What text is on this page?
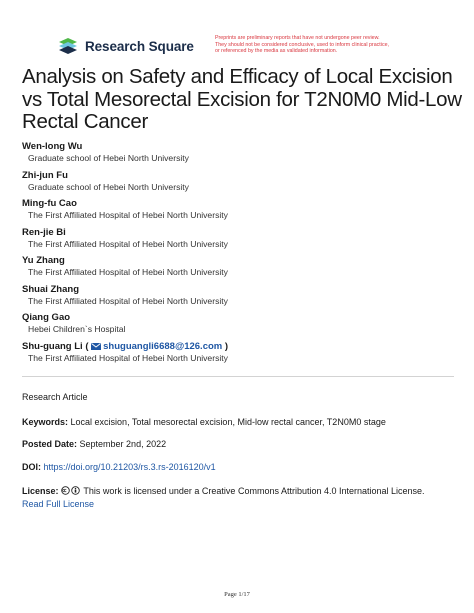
Research Square
Preprints are preliminary reports that have not undergone peer review.
They should not be considered conclusive, used to inform clinical practice,
or referenced by the media as validated information.
Analysis on Safety and Efficacy of Local Excision vs Total Mesorectal Excision for T2N0M0 Mid-Low Rectal Cancer
Wen-long Wu
Graduate school of Hebei North University
Zhi-jun Fu
Graduate school of Hebei North University
Ming-fu Cao
The First Affiliated Hospital of Hebei North University
Ren-jie Bi
The First Affiliated Hospital of Hebei North University
Yu Zhang
The First Affiliated Hospital of Hebei North University
Shuai Zhang
The First Affiliated Hospital of Hebei North University
Qiang Gao
Hebei Children`s Hospital
Shu-guang Li ( shuguangli6688@126.com )
The First Affiliated Hospital of Hebei North University
Research Article
Keywords: Local excision, Total mesorectal excision, Mid-low rectal cancer, T2N0M0 stage
Posted Date: September 2nd, 2022
DOI: https://doi.org/10.21203/rs.3.rs-2016120/v1
License:	This work is licensed under a Creative Commons Attribution 4.0 International License.
Read Full License
Page 1/17
